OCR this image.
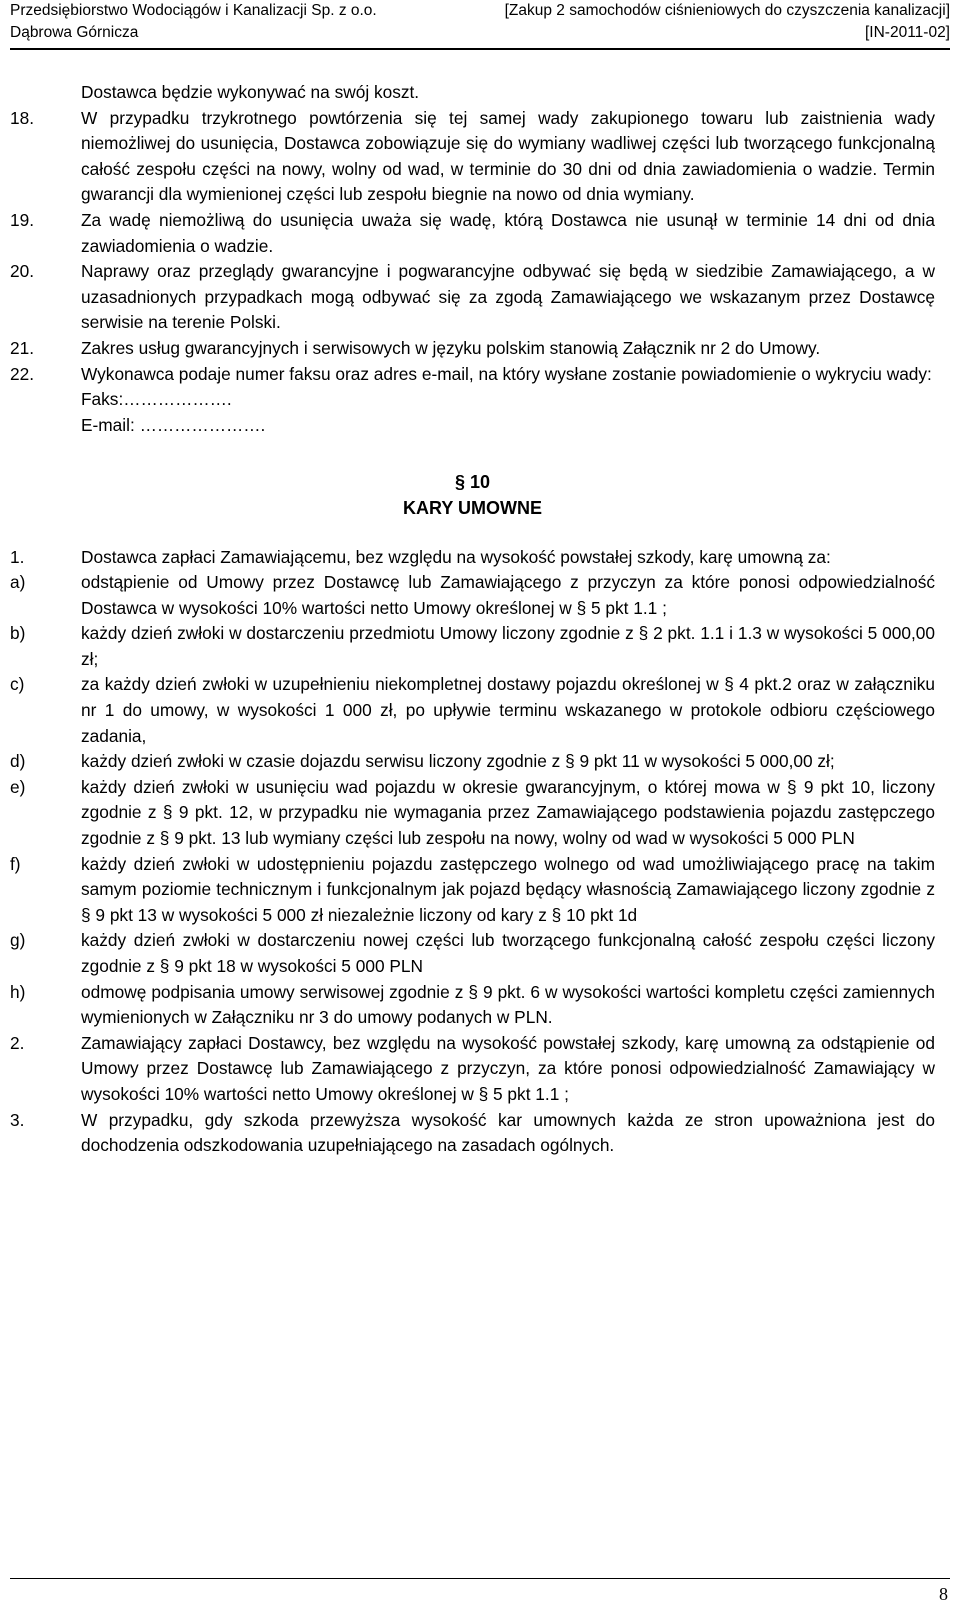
Przedsiębiorstwo Wodociągów i Kanalizacji Sp. z o.o.	[Zakup 2 samochodów ciśnieniowych do czyszczenia kanalizacji]
Dąbrowa Górnicza	[IN-2011-02]
Dostawca będzie wykonywać na swój koszt.
18.	W przypadku trzykrotnego powtórzenia się tej samej wady zakupionego towaru lub zaistnienia wady niemożliwej do usunięcia, Dostawca zobowiązuje się do wymiany wadliwej części lub tworzącego funkcjonalną całość zespołu części na nowy, wolny od wad, w terminie do 30 dni od dnia zawiadomienia o wadzie. Termin gwarancji dla wymienionej części lub zespołu biegnie na nowo od dnia wymiany.
19.	Za wadę niemożliwą do usunięcia uważa się wadę, którą Dostawca nie usunął w terminie 14 dni od dnia zawiadomienia o wadzie.
20.	Naprawy oraz przeglądy gwarancyjne i pogwarancyjne odbywać się będą w siedzibie Zamawiającego, a w uzasadnionych przypadkach mogą odbywać się za zgodą Zamawiającego we wskazanym przez Dostawcę serwisie na terenie Polski.
21.	Zakres usług gwarancyjnych i serwisowych w języku polskim stanowią Załącznik nr 2 do Umowy.
22.	Wykonawca podaje numer faksu oraz adres e-mail, na który wysłane zostanie powiadomienie o wykryciu wady:
Faks:……………….
E-mail: ………………….
§ 10
KARY UMOWNE
1.	Dostawca zapłaci Zamawiającemu, bez względu na wysokość powstałej szkody, karę umowną za:
a)	odstąpienie od Umowy przez Dostawcę lub Zamawiającego z przyczyn za które ponosi odpowiedzialność Dostawca w wysokości 10% wartości netto Umowy określonej w § 5 pkt 1.1 ;
b)	każdy dzień zwłoki w dostarczeniu przedmiotu Umowy liczony zgodnie z § 2 pkt. 1.1 i 1.3 w wysokości 5 000,00 zł;
c)	za każdy dzień zwłoki w uzupełnieniu niekompletnej dostawy pojazdu określonej w § 4 pkt.2 oraz w załączniku nr 1 do umowy, w wysokości 1 000 zł, po upływie terminu wskazanego w protokole odbioru częściowego zadania,
d)	każdy dzień zwłoki w czasie dojazdu serwisu liczony zgodnie z § 9 pkt 11 w wysokości 5 000,00 zł;
e)	każdy dzień zwłoki w usunięciu wad pojazdu w okresie gwarancyjnym, o której mowa w § 9 pkt 10, liczony zgodnie z § 9 pkt. 12, w przypadku nie wymagania przez Zamawiającego podstawienia pojazdu zastępczego zgodnie z § 9 pkt. 13 lub wymiany części lub zespołu na nowy, wolny od wad w wysokości 5 000 PLN
f)	każdy dzień zwłoki w udostępnieniu pojazdu zastępczego wolnego od wad umożliwiającego pracę na takim samym poziomie technicznym i funkcjonalnym jak pojazd będący własnością Zamawiającego liczony zgodnie z § 9 pkt 13 w wysokości 5 000 zł niezależnie liczony od kary z § 10 pkt 1d
g)	każdy dzień zwłoki w dostarczeniu nowej części lub tworzącego funkcjonalną całość zespołu części liczony zgodnie z § 9 pkt 18 w wysokości 5 000 PLN
h)	odmowę podpisania umowy serwisowej zgodnie z § 9 pkt. 6 w wysokości wartości kompletu części zamiennych wymienionych w Załączniku nr 3 do umowy podanych w PLN.
2.	Zamawiający zapłaci Dostawcy, bez względu na wysokość powstałej szkody, karę umowną za odstąpienie od Umowy przez Dostawcę lub Zamawiającego z przyczyn, za które ponosi odpowiedzialność Zamawiający w wysokości 10% wartości netto Umowy określonej w § 5 pkt 1.1 ;
3.	W przypadku, gdy szkoda przewyższa wysokość kar umownych każda ze stron upoważniona jest do dochodzenia odszkodowania uzupełniającego na zasadach ogólnych.
8
